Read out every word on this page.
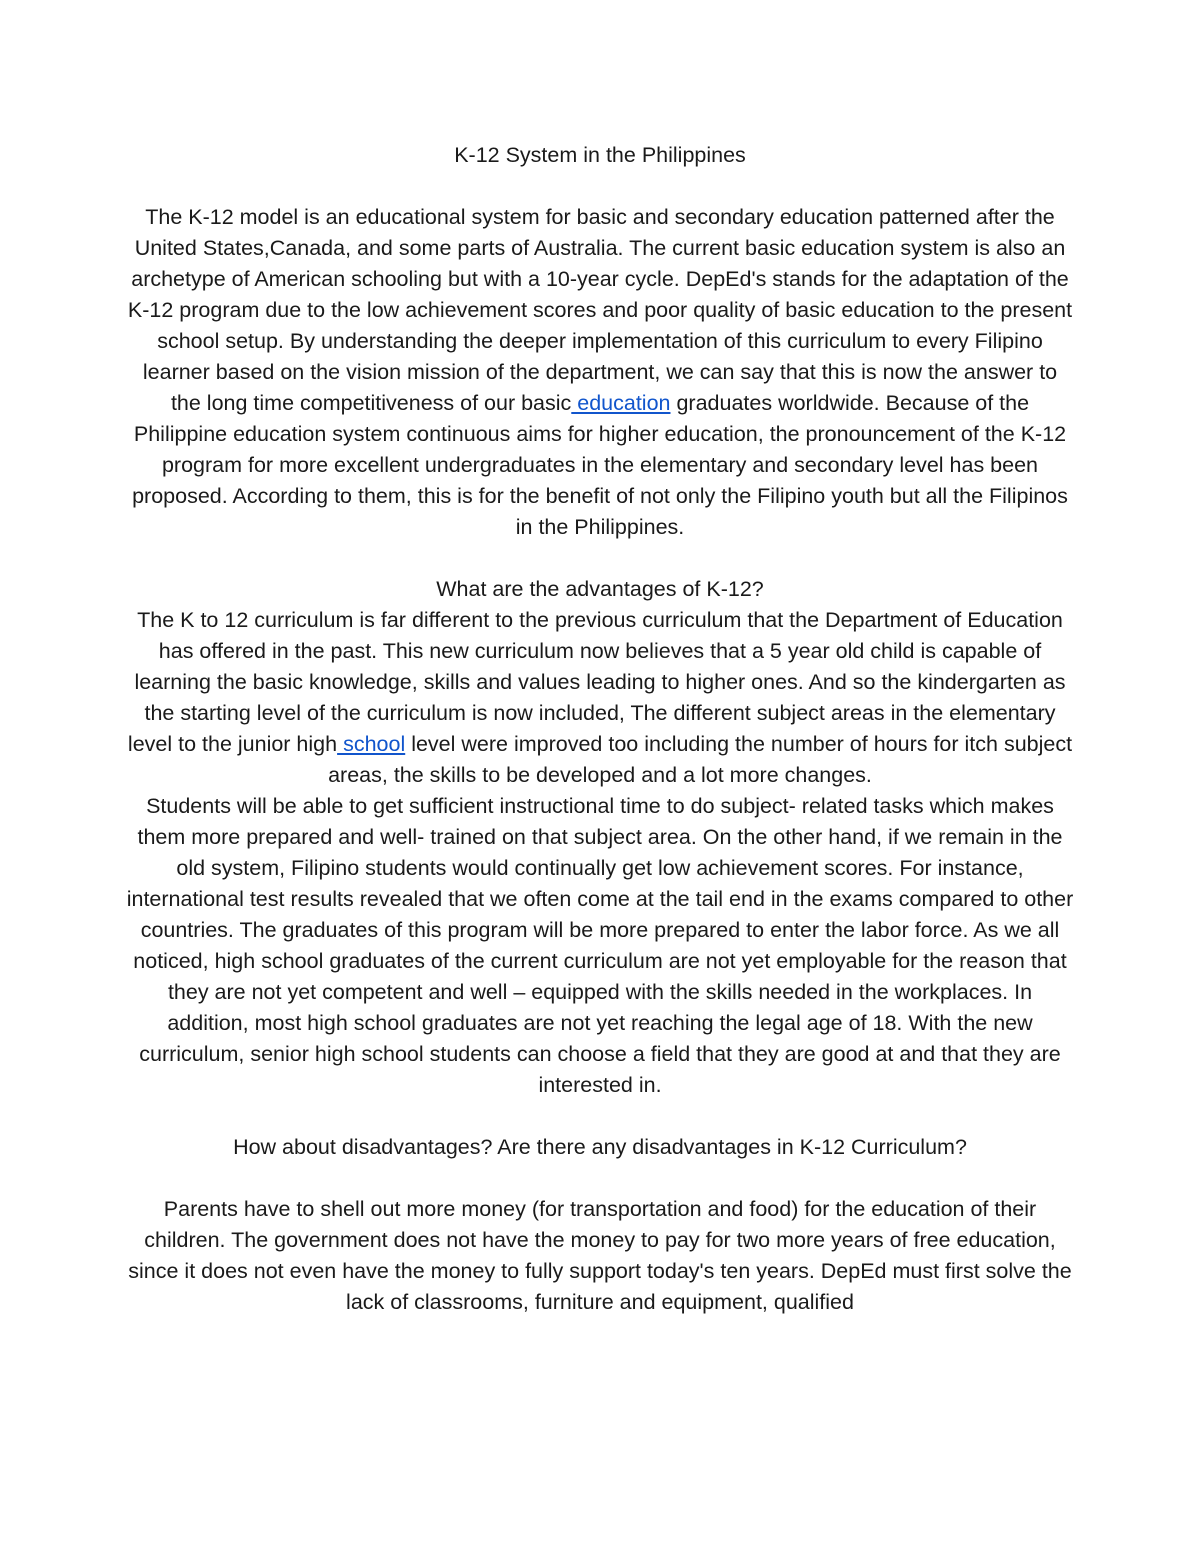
K-12 System in the Philippines

The K-12 model is an educational system for basic and secondary education patterned after the United States,Canada, and some parts of Australia. The current basic education system is also an archetype of American schooling but with a 10-year cycle. DepEd's stands for the adaptation of the K-12 program due to the low achievement scores and poor quality of basic education to the present school setup. By understanding the deeper implementation of this curriculum to every Filipino learner based on the vision mission of the department, we can say that this is now the answer to the long time competitiveness of our basic education graduates worldwide. Because of the Philippine education system continuous aims for higher education, the pronouncement of the K-12 program for more excellent undergraduates in the elementary and secondary level has been proposed. According to them, this is for the benefit of not only the Filipino youth but all the Filipinos in the Philippines.

What are the advantages of K-12?

The K to 12 curriculum is far different to the previous curriculum that the Department of Education has offered in the past. This new curriculum now believes that a 5 year old child is capable of learning the basic knowledge, skills and values leading to higher ones. And so the kindergarten as the starting level of the curriculum is now included, The different subject areas in the elementary level to the junior high school level were improved too including the number of hours for itch subject areas, the skills to be developed and a lot more changes.

Students will be able to get sufficient instructional time to do subject- related tasks which makes them more prepared and well- trained on that subject area. On the other hand, if we remain in the old system, Filipino students would continually get low achievement scores. For instance, international test results revealed that we often come at the tail end in the exams compared to other countries. The graduates of this program will be more prepared to enter the labor force. As we all noticed, high school graduates of the current curriculum are not yet employable for the reason that they are not yet competent and well – equipped with the skills needed in the workplaces. In addition, most high school graduates are not yet reaching the legal age of 18. With the new curriculum, senior high school students can choose a field that they are good at and that they are interested in.

How about disadvantages? Are there any disadvantages in K-12 Curriculum?

Parents have to shell out more money (for transportation and food) for the education of their children. The government does not have the money to pay for two more years of free education, since it does not even have the money to fully support today's ten years. DepEd must first solve the lack of classrooms, furniture and equipment, qualified
